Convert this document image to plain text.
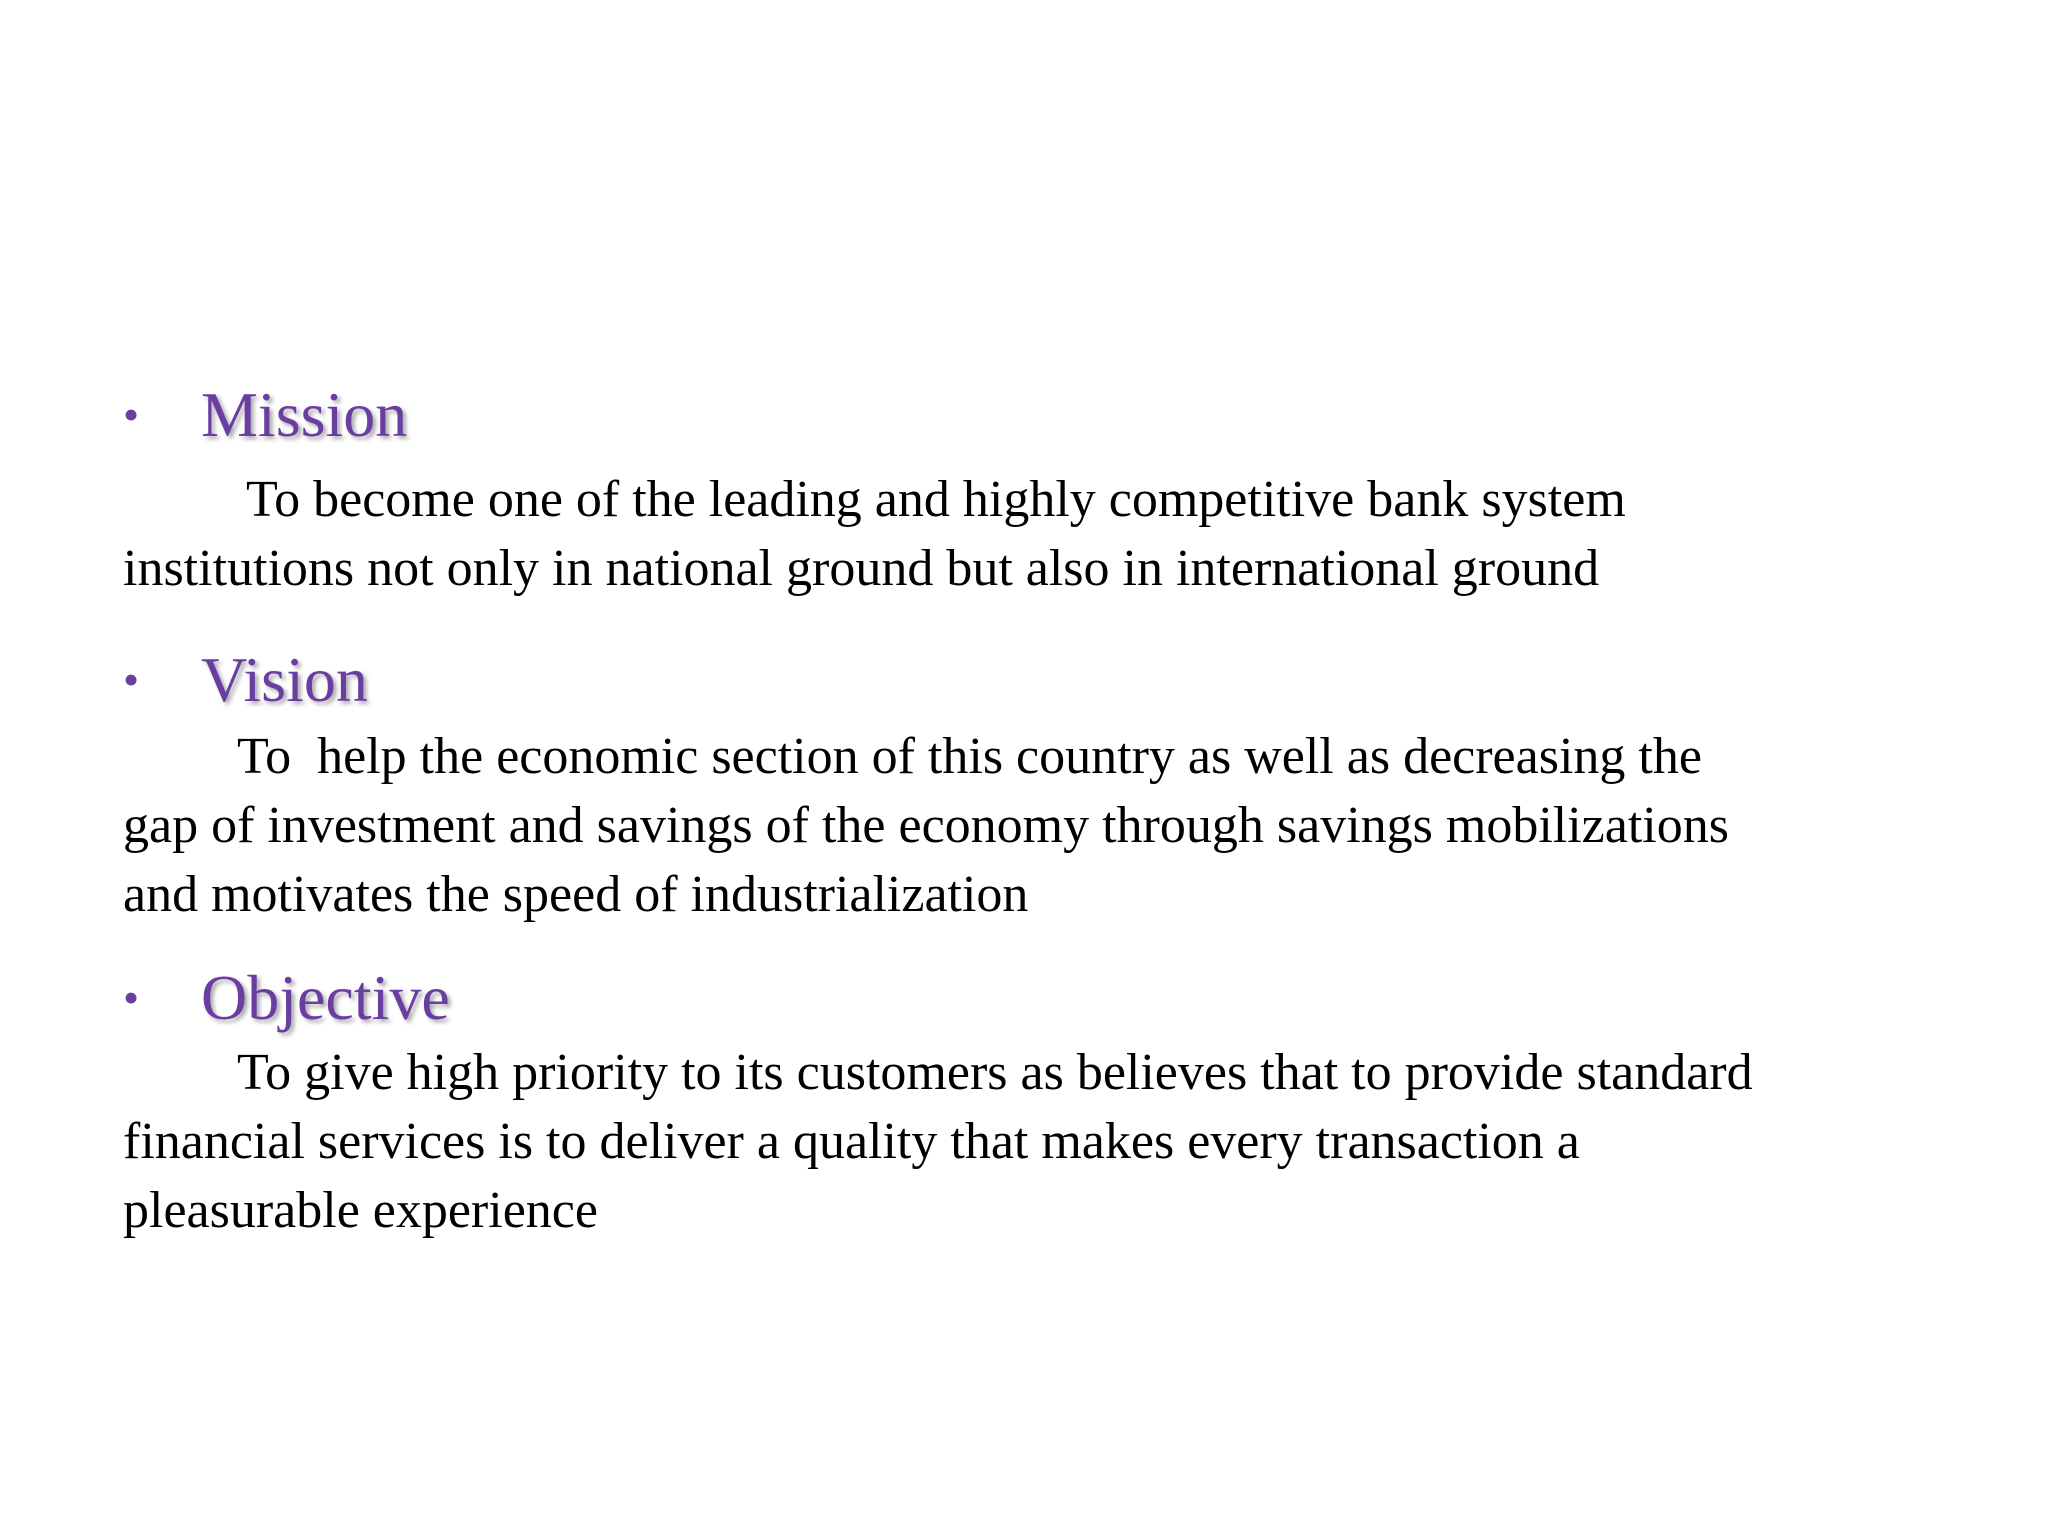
• Mission

To become one of the leading and highly competitive bank system
institutions not only in national ground but also in international ground

• Vision

To  help the economic section of this country as well as decreasing the
gap of investment and savings of the economy through savings mobilizations
and motivates the speed of industrialization

• Objective

To give high priority to its customers as believes that to provide standard
financial services is to deliver a quality that makes every transaction a
pleasurable experience
